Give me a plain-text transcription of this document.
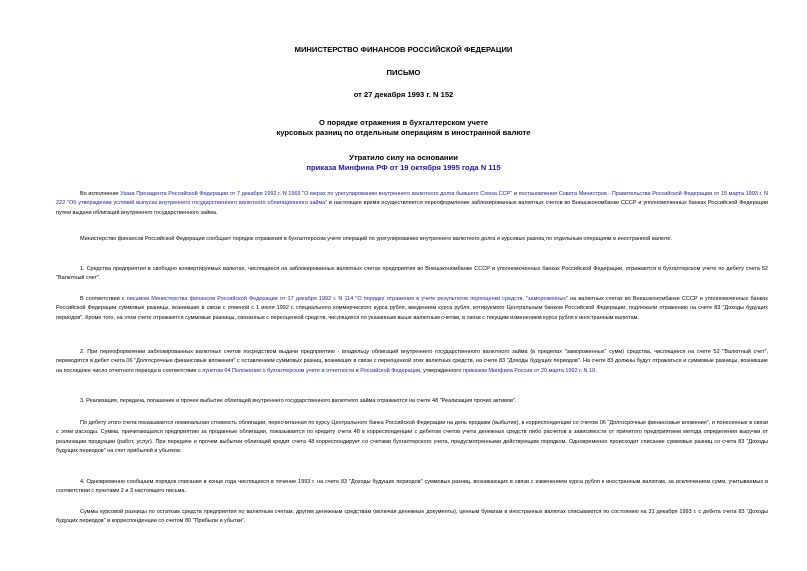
МИНИСТЕРСТВО ФИНАНСОВ РОССИЙСКОЙ ФЕДЕРАЦИИ
ПИСЬМО
от 27 декабря 1993 г. N 152
О порядке отражения в бухгалтерском учете
курсовых разниц по отдельным операциям в иностранной валюте
Утратило силу на основании
приказа Минфина РФ от 19 октября 1995 года N 115
Во исполнение Указа Президента Российской Федерации от 7 декабря 1992 г. N 1565 "О мерах по урегулированию внутреннего валютного долга бывшего Союза ССР" и постановления Совета Министров - Правительства Российской Федерации от 15 марта 1993 г. N 222 "Об утверждении условий выпуска внутреннего государственного валютного облигационного займа" в настоящее время осуществляется переоформление заблокированных валютных счетов во Внешэкономбанке СССР и уполномоченных банках Российской Федерации путем выдачи облигаций внутреннего государственного займа.
Министерство финансов Российской Федерации сообщает порядок отражения в бухгалтерском учете операций по урегулированию внутреннего валютного долга и курсовых разниц по отдельным операциям в иностранной валюте.
1. Средства предприятия в свободно конвертируемых валютах, числящиеся на заблокированных валютных счетах предприятия во Внешэкономбанке СССР и уполномоченных банках Российской Федерации, отражаются в бухгалтерском учете по дебету счета 52 "Валютный счет".
В соответствии с письмом Министерства финансов Российской Федерации от 17 декабря 1992 г. N 114 "О порядке отражения в учете результатов переоценки средств, "замороженных" на валютных счетах во Внешэкономбанке СССР и уполномоченных банках Российской Федерации суммовые разницы, возникшие в связи с отменой с 1 июля 1992 г. специального коммерческого курса рубля, введением курса рубля, котируемого Центральным банком Российской Федерации, подлежали отражению на счете 83 "Доходы будущих периодов". Кроме того, на этом счете отражаются суммовые разницы, связанные с переоценкой средств, числящихся по указанным выше валютным счетам, в связи с текущим изменением курса рубля к иностранным валютам.
2. При переоформлении заблокированных валютных счетов посредством выдачи предприятию - владельцу облигаций внутреннего государственного валютного займа (в пределах "замороженных" сумм) средства, числящиеся на счете 52 "Валютный счет", переводятся в дебет счета 06 "Долгосрочные финансовые вложения" с оставлением суммовых разниц, возникших в связи с переоценкой этих валютных средств, на счете 83 "Доходы будущих периодов". На счете 83 должны будут отражаться и суммовые разницы, возникшие на последнее число отчетного периода в соответствии с пунктом 64 Положения о бухгалтерском учете и отчетности в Российской Федерации, утвержденного приказом Минфина России от 20 марта 1992 г. N 10.
3. Реализация, передача, погашение и прочее выбытие облигаций внутреннего государственного валютного займа отражаются на счете 48 "Реализация прочих активов".
По дебету этого счета показывается номинальная стоимость облигации, пересчитанная по курсу Центрального банка Российской Федерации на день продажи (выбытия), в корреспонденции со счетом 06 "Долгосрочные финансовые вложения", и понесенные в связи с этим расходы. Сумма, причитающаяся предприятию за проданные облигации, показывается по кредиту счета 48 в корреспонденции с дебетом счетов учета денежных средств либо расчетов в зависимости от принятого предприятием метода определения выручки от реализации продукции (работ, услуг). При передаче и прочем выбытии облигаций кредит счета 48 корреспондирует со счетами бухгалтерского учета, предусмотренными действующим порядком. Одновременно происходит списание суммовых разниц со счета 83 "Доходы будущих периодов" на счет прибылей и убытков.
4. Одновременно сообщаем порядок списания в конце года числящихся в течение 1993 г. на счете 83 "Доходы будущих периодов" суммовых разниц, возникающих в связи с изменением курса рубля к иностранным валютам, за исключением сумм, учитываемых в соответствии с пунктами 2 и 3 настоящего письма.
Суммы курсовой разницы по остаткам средств предприятия по валютным счетам, другим денежным средствам (включая денежные документы), ценным бумагам в иностранных валютах списываются по состоянию на 31 декабря 1993 г. с дебета счета 83 "Доходы будущих периодов" в корреспонденции со счетом 80 "Прибыли и убытки".
